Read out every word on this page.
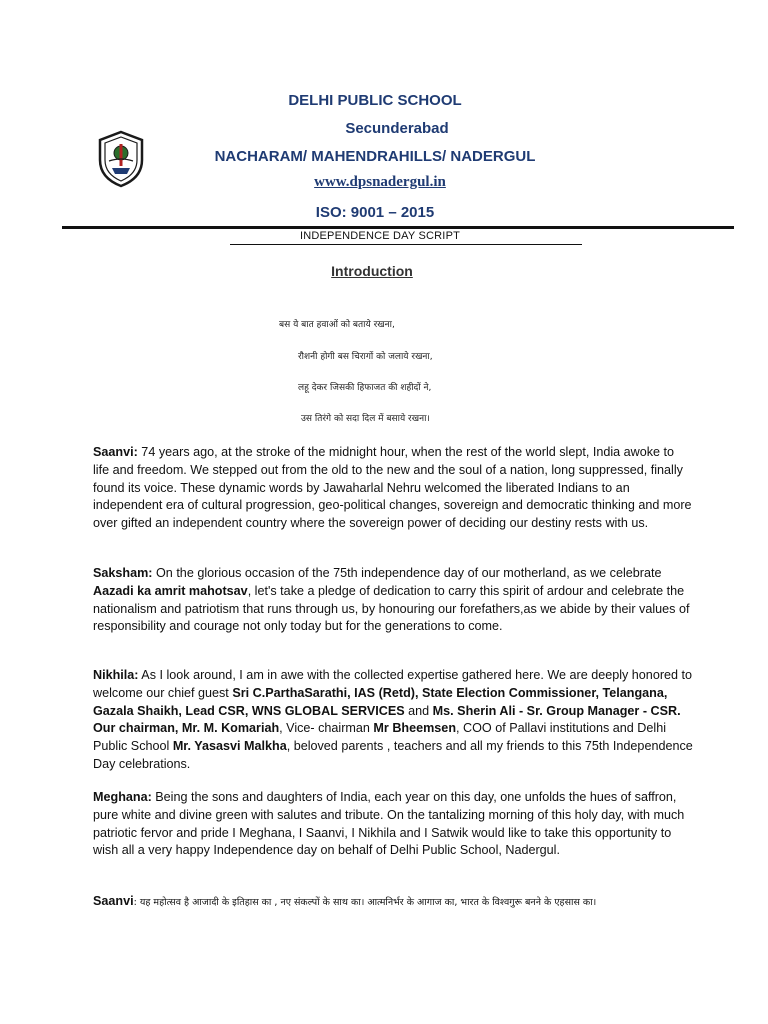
DELHI PUBLIC SCHOOL
Secunderabad
NACHARAM/ MAHENDRAHILLS/ NADERGUL
www.dpsnadergul.in
ISO: 9001 – 2015
INDEPENDENCE DAY SCRIPT
Introduction
बस ये बात हवाओं को बताये रखना,
रौशनी होगी बस चिरागों को जलाये रखना,
लहू देकर जिसकी हिफाजत की शहीदों ने,
उस तिरंगे को सदा दिल में बसाये रखना।
Saanvi: 74 years ago, at the stroke of the midnight hour, when the rest of the world slept, India awoke to life and freedom. We stepped out from the old to the new and the soul of a nation, long suppressed, finally found its voice. These dynamic words by Jawaharlal Nehru welcomed the liberated Indians to an independent era of cultural progression, geo-political changes, sovereign and democratic thinking and more over gifted an independent country where the sovereign power of deciding our destiny rests with us.
Saksham: On the glorious occasion of the 75th independence day of our motherland, as we celebrate Aazadi ka amrit mahotsav, let's take a pledge of dedication to carry this spirit of ardour and celebrate the nationalism and patriotism that runs through us, by honouring our forefathers,as we abide by their values of responsibility and courage not only today but for the generations to come.
Nikhila: As I look around, I am in awe with the collected expertise gathered here. We are deeply honored to welcome our chief guest Sri C.ParthaSarathi, IAS (Retd), State Election Commissioner, Telangana, Gazala Shaikh, Lead CSR, WNS GLOBAL SERVICES and Ms. Sherin Ali - Sr. Group Manager - CSR. Our chairman, Mr. M. Komariah, Vice- chairman Mr Bheemsen, COO of Pallavi institutions and Delhi Public School Mr. Yasasvi Malkha, beloved parents , teachers and all my friends to this 75th Independence Day celebrations.
Meghana: Being the sons and daughters of India, each year on this day, one unfolds the hues of saffron, pure white and divine green with salutes and tribute. On the tantalizing morning of this holy day, with much patriotic fervor and pride I Meghana, I Saanvi, I Nikhila and I Satwik would like to take this opportunity to wish all a very happy Independence day on behalf of Delhi Public School, Nadergul.
Saanvi: यह महोत्सव है आजादी के इतिहास का , नए संकल्पों के साथ का। आत्मनिर्भर के आगाज का, भारत के विश्वगुरू बनने के एहसास का।
